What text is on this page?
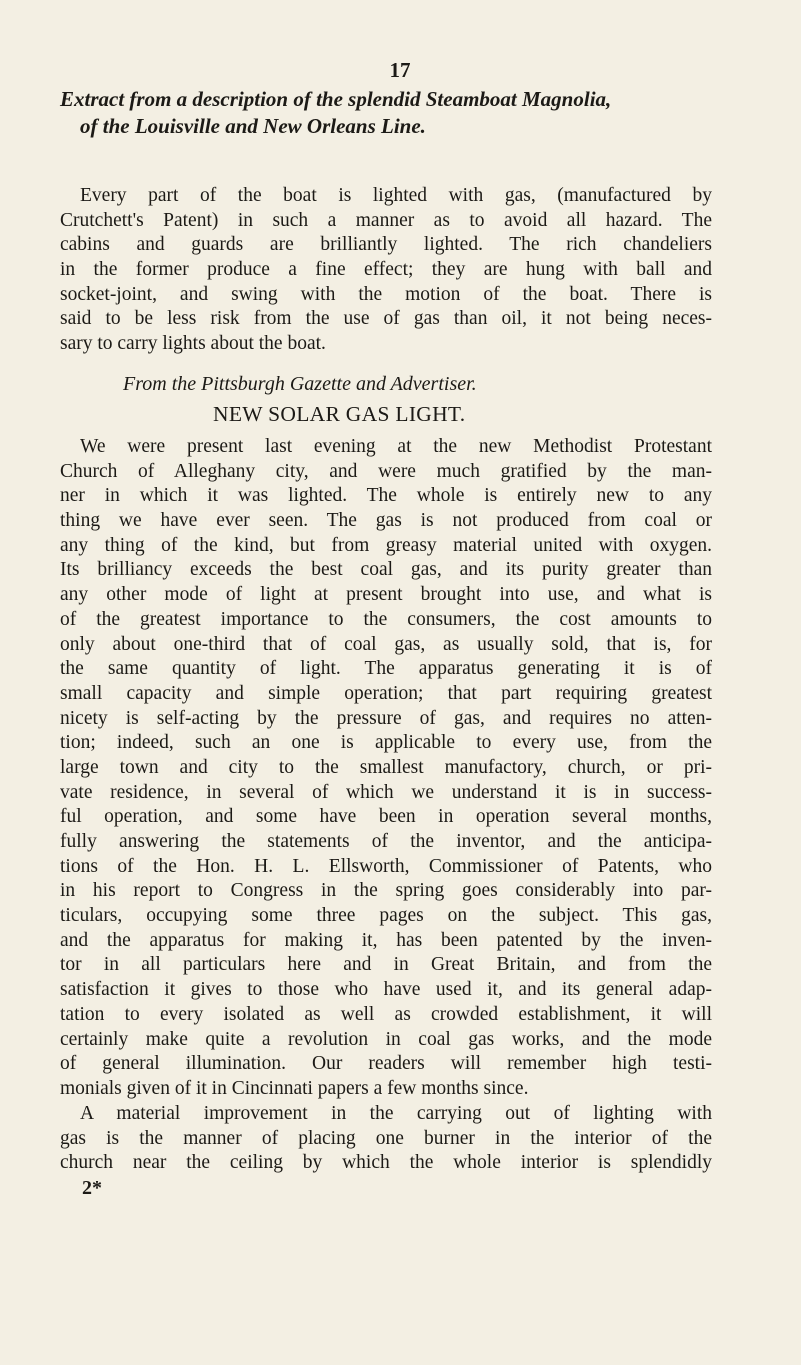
17
Extract from a description of the splendid Steamboat Magnolia,
of the Louisville and New Orleans Line.
Every part of the boat is lighted with gas, (manufactured by
Crutchett's Patent) in such a manner as to avoid all hazard. The
cabins and guards are brilliantly lighted. The rich chandeliers
in the former produce a fine effect; they are hung with ball and
socket-joint, and swing with the motion of the boat. There is
said to be less risk from the use of gas than oil, it not being neces-
sary to carry lights about the boat.
From the Pittsburgh Gazette and Advertiser.
NEW SOLAR GAS LIGHT.
We were present last evening at the new Methodist Protestant
Church of Alleghany city, and were much gratified by the man-
ner in which it was lighted. The whole is entirely new to any
thing we have ever seen. The gas is not produced from coal or
any thing of the kind, but from greasy material united with oxygen.
Its brilliancy exceeds the best coal gas, and its purity greater than
any other mode of light at present brought into use, and what is
of the greatest importance to the consumers, the cost amounts to
only about one-third that of coal gas, as usually sold, that is, for
the same quantity of light. The apparatus generating it is of
small capacity and simple operation; that part requiring greatest
nicety is self-acting by the pressure of gas, and requires no atten-
tion; indeed, such an one is applicable to every use, from the
large town and city to the smallest manufactory, church, or pri-
vate residence, in several of which we understand it is in success-
ful operation, and some have been in operation several months,
fully answering the statements of the inventor, and the anticipa-
tions of the Hon. H. L. Ellsworth, Commissioner of Patents, who
in his report to Congress in the spring goes considerably into par-
ticulars, occupying some three pages on the subject. This gas,
and the apparatus for making it, has been patented by the inven-
tor in all particulars here and in Great Britain, and from the
satisfaction it gives to those who have used it, and its general adap-
tation to every isolated as well as crowded establishment, it will
certainly make quite a revolution in coal gas works, and the mode
of general illumination. Our readers will remember high testi-
monials given of it in Cincinnati papers a few months since.
A material improvement in the carrying out of lighting with
gas is the manner of placing one burner in the interior of the
church near the ceiling by which the whole interior is splendidly
2*
